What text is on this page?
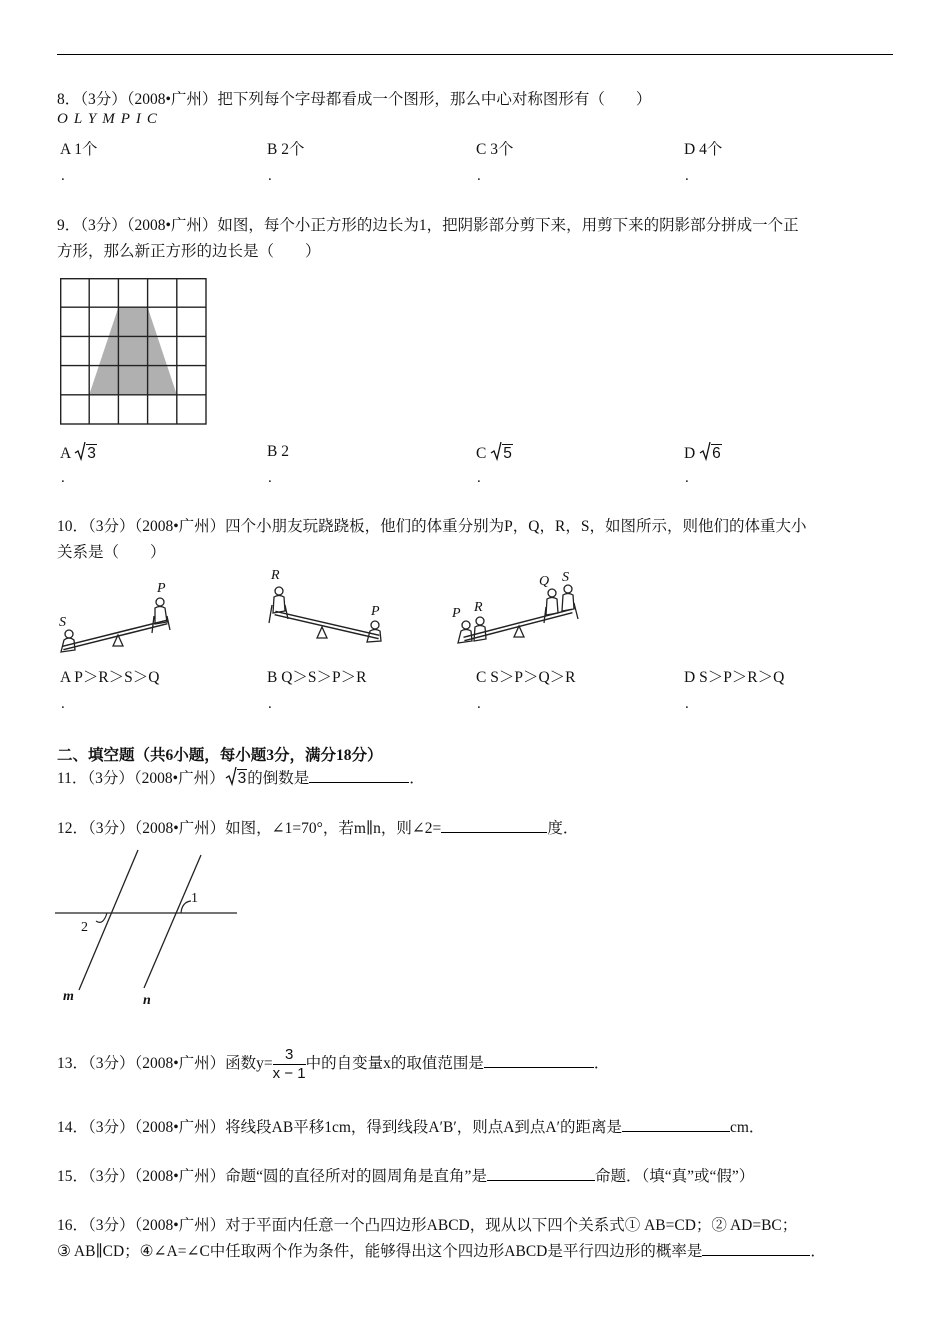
8．（3分）（2008•广州）把下列每个字母都看成一个图形，那么中心对称图形有（　　）
OLYMPIC
A 1个	B 2个	C 3个	D 4个
.	.	.	.
9．（3分）（2008•广州）如图，每个小正方形的边长为1，把阴影部分剪下来，用剪下来的阴影部分拼成一个正
方形，那么新正方形的边长是（　　）
A 3	B 2	C 5	D 6
.	.	.	.
10．（3分）（2008•广州）四个小朋友玩跷跷板，他们的体重分别为P，Q，R，S，如图所示，则他们的体重大小
关系是（　　）
S
P
R
P	P R
Q S
A P＞R＞S＞Q	B Q＞S＞P＞R	C S＞P＞Q＞R	D S＞P＞R＞Q
.	.	.	.
二、填空题（共6小题，每小题3分，满分18分）
11．（3分）（2008•广州） 3的倒数是	．
12．（3分）（2008•广州）如图，∠1=70°，若m∥n，则∠2=	度．
1
2
m	n
13．（3分）（2008•广州）函数$y= \frac{3}{x - 1}$ 中的自变量x的取值范围是	．
14．（3分）（2008•广州）将线段AB平移1cm，得到线段A′B′，则点A到点A′的距离是	cm．
15．（3分）（2008•广州）命题“圆的直径所对的圆周角是直角”是	命题．（填“真”或“假”）
16．（3分）（2008•广州）对于平面内任意一个凸四边形ABCD，现从以下四个关系式① AB=CD；② AD=BC；
③ AB∥CD；④∠A=∠C中任取两个作为条件，能够得出这个四边形ABCD是平行四边形的概率是	．
